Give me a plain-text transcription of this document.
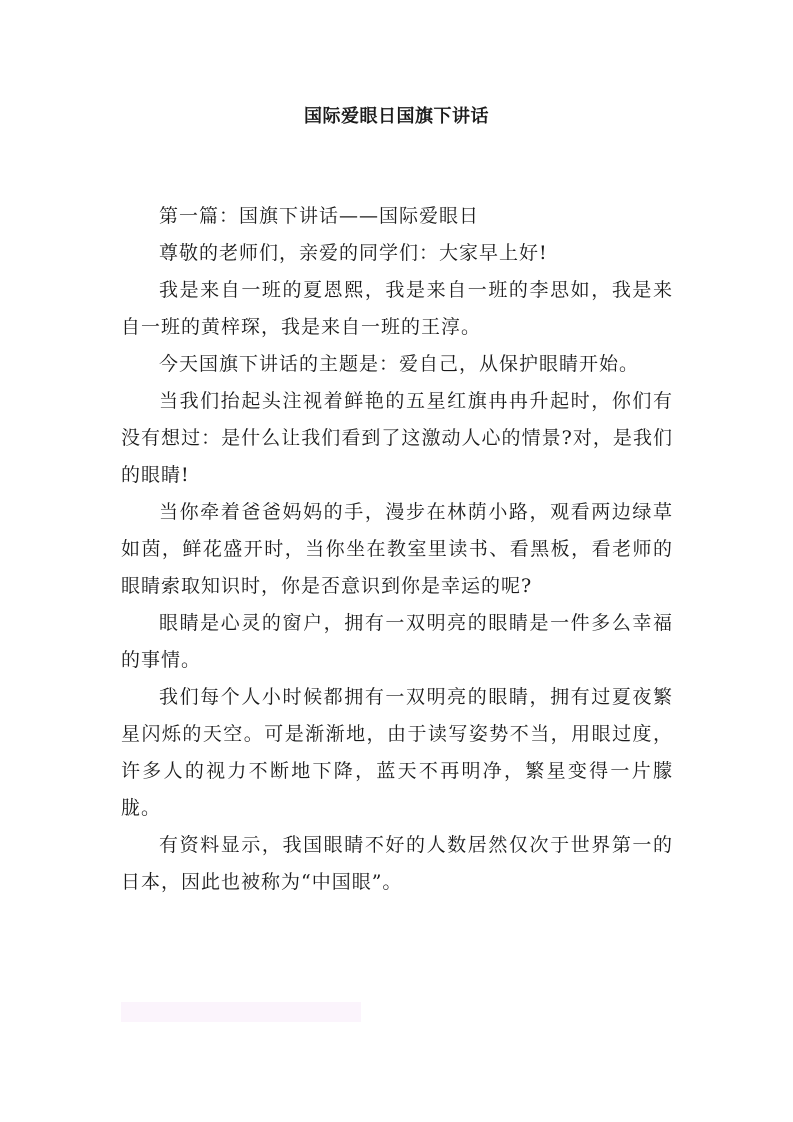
国际爱眼日国旗下讲话

第一篇：国旗下讲话——国际爱眼日

尊敬的老师们，亲爱的同学们：大家早上好!

我是来自一班的夏恩熙，我是来自一班的李思如，我是来自一班的黄梓琛，我是来自一班的王淳。

今天国旗下讲话的主题是：爱自己，从保护眼睛开始。

当我们抬起头注视着鲜艳的五星红旗冉冉升起时，你们有没有想过：是什么让我们看到了这激动人心的情景?对，是我们的眼睛!

当你牵着爸爸妈妈的手，漫步在林荫小路，观看两边绿草如茵，鲜花盛开时，当你坐在教室里读书、看黑板，看老师的眼睛索取知识时，你是否意识到你是幸运的呢?

眼睛是心灵的窗户，拥有一双明亮的眼睛是一件多么幸福的事情。

我们每个人小时候都拥有一双明亮的眼睛，拥有过夏夜繁星闪烁的天空。可是渐渐地，由于读写姿势不当，用眼过度，许多人的视力不断地下降，蓝天不再明净，繁星变得一片朦胧。

有资料显示，我国眼睛不好的人数居然仅次于世界第一的日本，因此也被称为“中国眼”。
